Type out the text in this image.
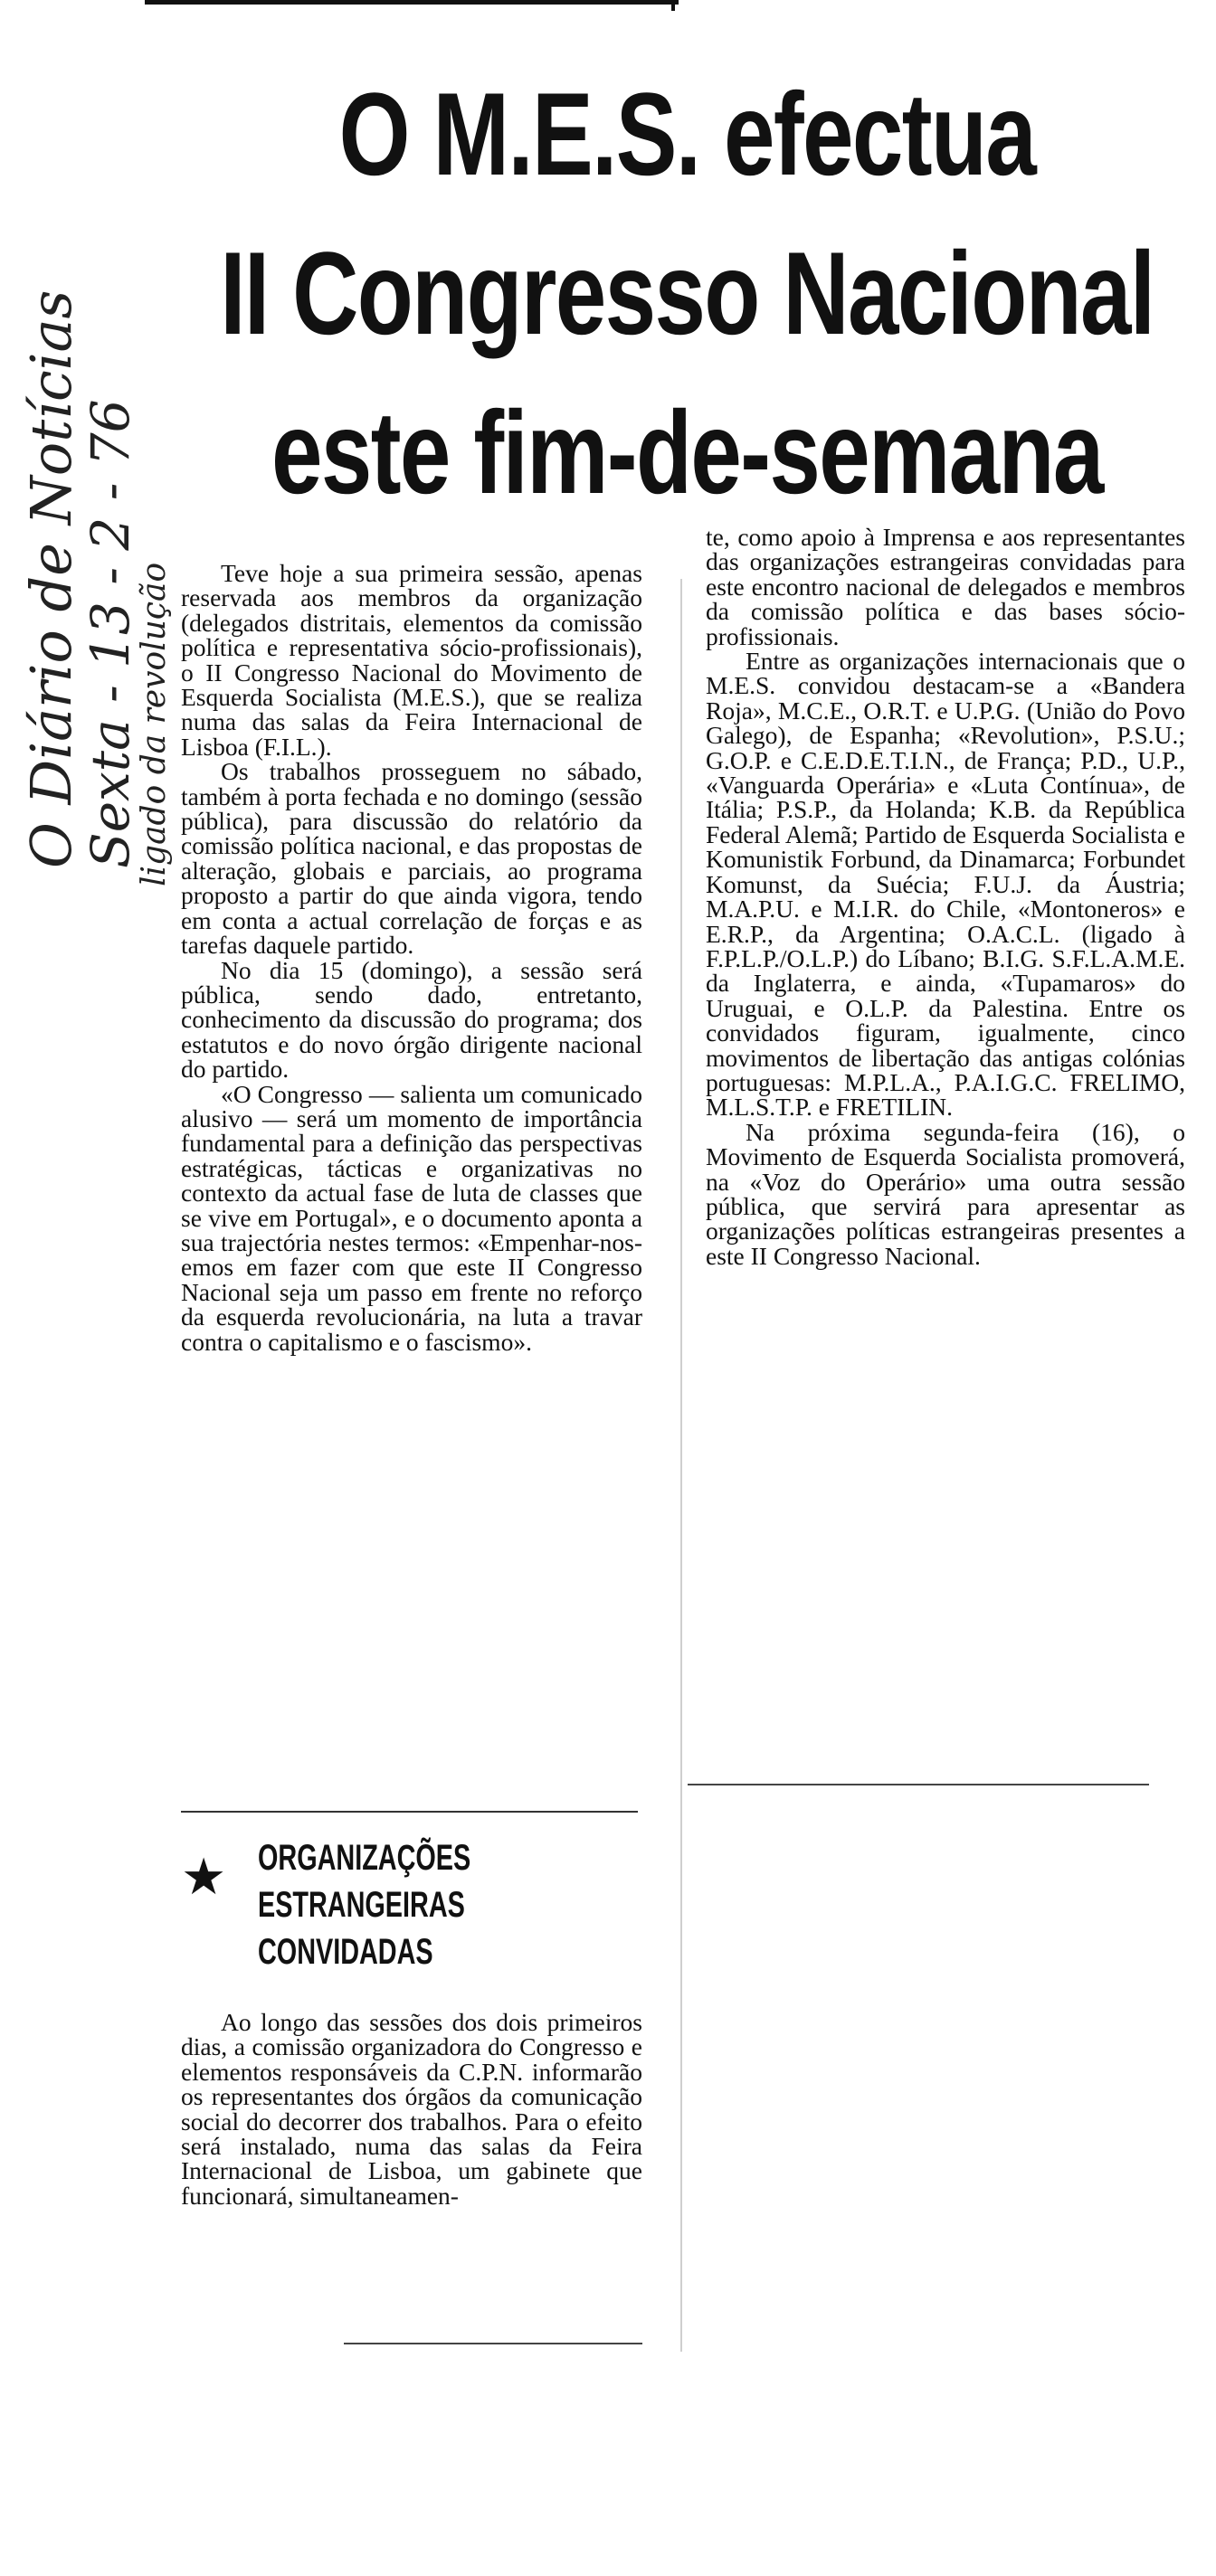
O Diário de Notícias
Sexta - 13 - 2 - 76
ligado da revolução
O M.E.S. efectua
II Congresso Nacional
este fim-de-semana

Teve hoje a sua primeira sessão, apenas reservada aos membros da organização (delegados distritais, elementos da comissão política e representativa sócio-profissionais), o II Congresso Nacional do Movimento de Esquerda Socialista (M.E.S.), que se realiza numa das salas da Feira Internacional de Lisboa (F.I.L.).

Os trabalhos prosseguem no sábado, também à porta fechada e no domingo (sessão pública), para discussão do relatório da comissão política nacional, e das propostas de alteração, globais e parciais, ao programa proposto a partir do que ainda vigora, tendo em conta a actual correlação de forças e as tarefas daquele partido.

No dia 15 (domingo), a sessão será pública, sendo dado, entretanto, conhecimento da discussão do programa; dos estatutos e do novo órgão dirigente nacional do partido.

«O Congresso — salienta um comunicado alusivo — será um momento de importância fundamental para a definição das perspectivas estratégicas, tácticas e organizativas no contexto da actual fase de luta de classes que se vive em Portugal», e o documento aponta a sua trajectória nestes termos: «Empenhar-nos-emos em fazer com que este II Congresso Nacional seja um passo em frente no reforço da esquerda revolucionária, na luta a travar contra o capitalismo e o fascismo».

★ ORGANIZAÇÕES
ESTRANGEIRAS
CONVIDADAS

Ao longo das sessões dos dois primeiros dias, a comissão organizadora do Congresso e elementos responsáveis da C.P.N. informarão os representantes dos órgãos da comunicação social do decorrer dos trabalhos. Para o efeito será instalado, numa das salas da Feira Internacional de Lisboa, um gabinete que funcionará, simultaneamen-

te, como apoio à Imprensa e aos representantes das organizações estrangeiras convidadas para este encontro nacional de delegados e membros da comissão política e das bases sócio-profissionais.

Entre as organizações internacionais que o M.E.S. convidou destacam-se a «Bandera Roja», M.C.E., O.R.T. e U.P.G. (União do Povo Galego), de Espanha; «Revolution», P.S.U.; G.O.P. e C.E.D.E.T.I.N., de França; P.D., U.P., «Vanguarda Operária» e «Luta Contínua», de Itália; P.S.P., da Holanda; K.B. da República Federal Alemã; Partido de Esquerda Socialista e Komunistik Forbund, da Dinamarca; Forbundet Komunst, da Suécia; F.U.J. da Áustria; M.A.P.U. e M.I.R. do Chile, «Montoneros» e E.R.P., da Argentina; O.A.C.L. (ligado à F.P.L.P./O.L.P.) do Líbano; B.I.G. S.F.L.A.M.E. da Inglaterra, e ainda, «Tupamaros» do Uruguai, e O.L.P. da Palestina. Entre os convidados figuram, igualmente, cinco movimentos de libertação das antigas colónias portuguesas: M.P.L.A., P.A.I.G.C. FRELIMO, M.L.S.T.P. e FRETILIN.

Na próxima segunda-feira (16), o Movimento de Esquerda Socialista promoverá, na «Voz do Operário» uma outra sessão pública, que servirá para apresentar as organizações políticas estrangeiras presentes a este II Congresso Nacional.
